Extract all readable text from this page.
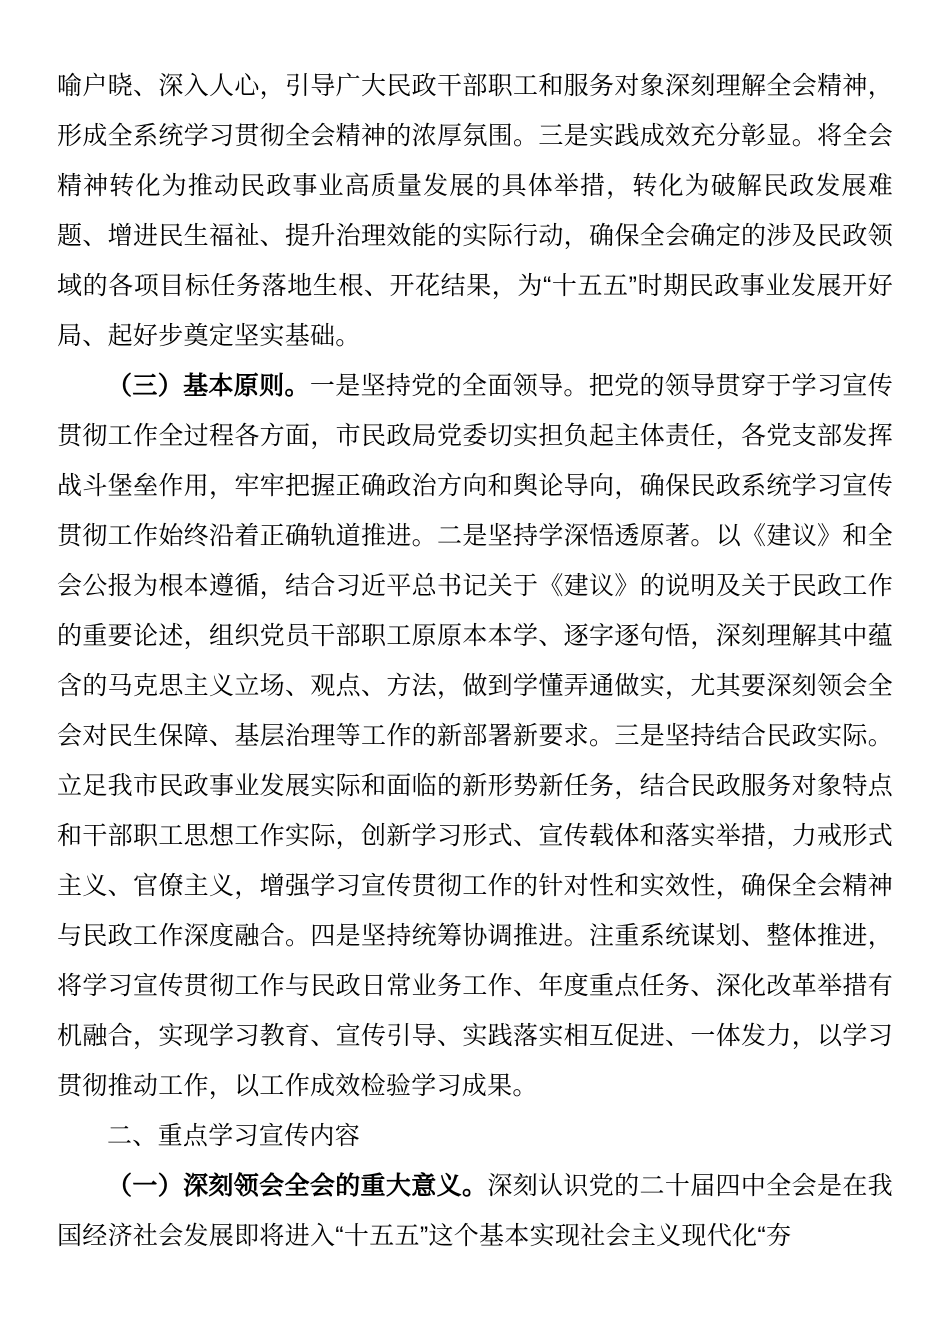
喻户晓、深入人心，引导广大民政干部职工和服务对象深刻理解全会精神，形成全系统学习贯彻全会精神的浓厚氛围。三是实践成效充分彰显。将全会精神转化为推动民政事业高质量发展的具体举措，转化为破解民政发展难题、增进民生福祉、提升治理效能的实际行动，确保全会确定的涉及民政领域的各项目标任务落地生根、开花结果，为“十五五”时期民政事业发展开好局、起好步奠定坚实基础。

（三）基本原则。一是坚持党的全面领导。把党的领导贯穿于学习宣传贯彻工作全过程各方面，市民政局党委切实担负起主体责任，各党支部发挥战斗堡垒作用，牢牢把握正确政治方向和舆论导向，确保民政系统学习宣传贯彻工作始终沿着正确轨道推进。二是坚持学深悟透原著。以《建议》和全会公报为根本遵循，结合习近平总书记关于《建议》的说明及关于民政工作的重要论述，组织党员干部职工原原本本学、逐字逐句悟，深刻理解其中蕴含的马克思主义立场、观点、方法，做到学懂弄通做实，尤其要深刻领会全会对民生保障、基层治理等工作的新部署新要求。三是坚持结合民政实际。立足我市民政事业发展实际和面临的新形势新任务，结合民政服务对象特点和干部职工思想工作实际，创新学习形式、宣传载体和落实举措，力戒形式主义、官僚主义，增强学习宣传贯彻工作的针对性和实效性，确保全会精神与民政工作深度融合。四是坚持统筹协调推进。注重系统谋划、整体推进，将学习宣传贯彻工作与民政日常业务工作、年度重点任务、深化改革举措有机融合，实现学习教育、宣传引导、实践落实相互促进、一体发力，以学习贯彻推动工作，以工作成效检验学习成果。

二、重点学习宣传内容

（一）深刻领会全会的重大意义。深刻认识党的二十届四中全会是在我国经济社会发展即将进入“十五五”这个基本实现社会主义现代化“夯
